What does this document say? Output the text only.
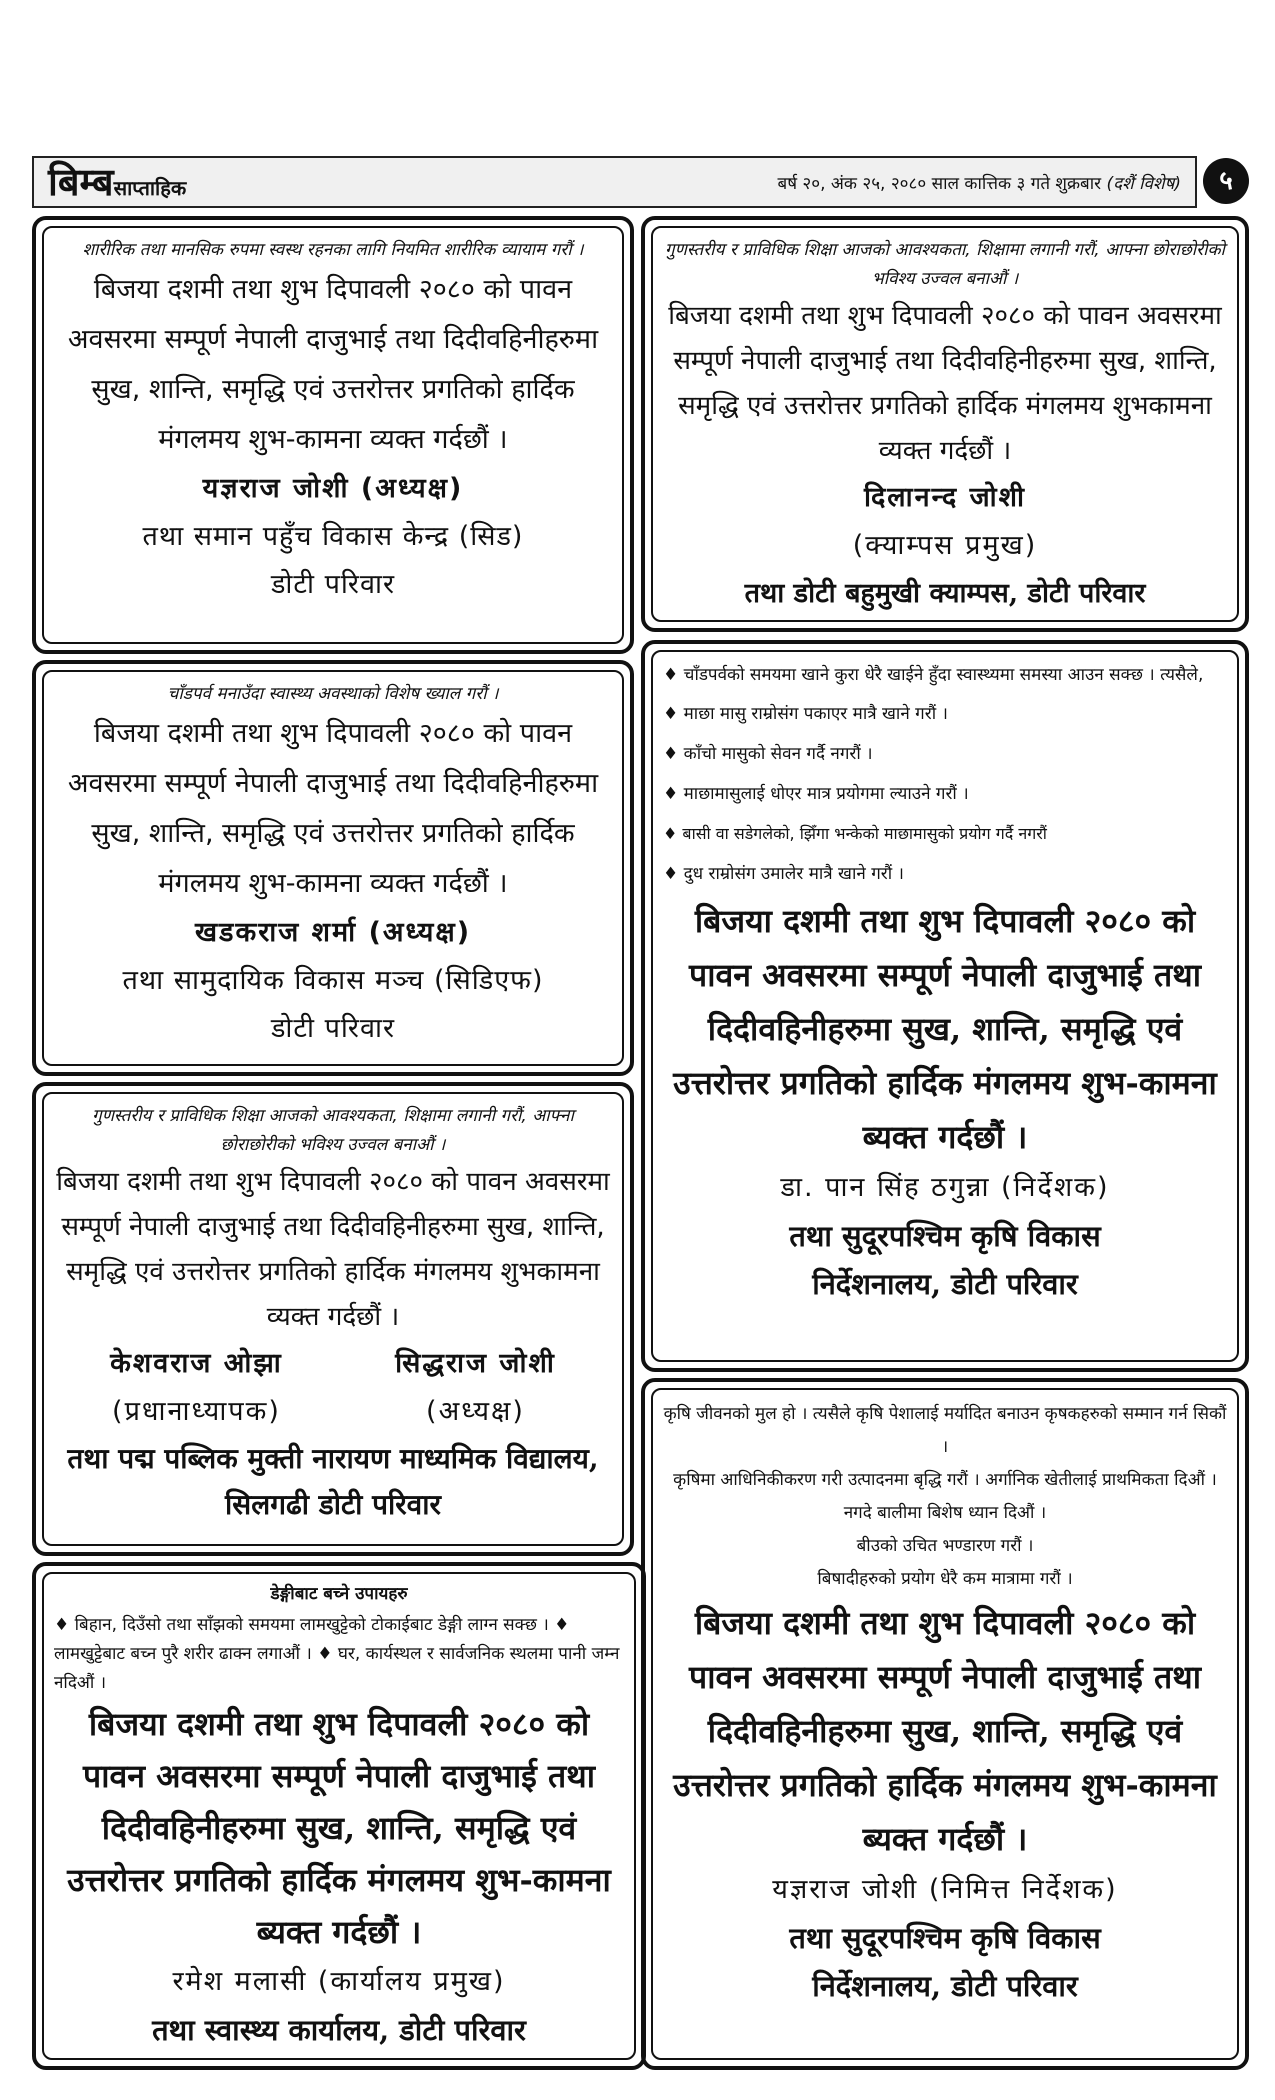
बिम्बसाप्ताहिक	बर्ष २०, अंक २५, २०८० साल कात्तिक ३ गते शुक्रबार (दशैं विशेष)	५
शारीरिक तथा मानसिक रुपमा स्वस्थ रहनका लागि नियमित शारीरिक व्यायाम गरौं ।
बिजया दशमी तथा शुभ दिपावली २०८० को पावन अवसरमा सम्पूर्ण नेपाली दाजुभाई तथा दिदीवहिनीहरुमा सुख, शान्ति, समृद्धि एवं उत्तरोत्तर प्रगतिको हार्दिक मंगलमय शुभ-कामना व्यक्त गर्दछौं ।
यज्ञराज जोशी (अध्यक्ष)
तथा समान पहुँच विकास केन्द्र (सिड)
डोटी परिवार
गुणस्तरीय र प्राविधिक शिक्षा आजको आवश्यकता, शिक्षामा लगानी गरौं, आफ्ना छोराछोरीको भविश्य उज्वल बनाऔं ।
बिजया दशमी तथा शुभ दिपावली २०८० को पावन अवसरमा सम्पूर्ण नेपाली दाजुभाई तथा दिदीवहिनीहरुमा सुख, शान्ति, समृद्धि एवं उत्तरोत्तर प्रगतिको हार्दिक मंगलमय शुभकामना व्यक्त गर्दछौं ।
दिलानन्द जोशी
(क्याम्पस प्रमुख)
तथा डोटी बहुमुखी क्याम्पस, डोटी परिवार
चाँडपर्व मनाउँदा स्वास्थ्य अवस्थाको विशेष ख्याल गरौं ।
बिजया दशमी तथा शुभ दिपावली २०८० को पावन अवसरमा सम्पूर्ण नेपाली दाजुभाई तथा दिदीवहिनीहरुमा सुख, शान्ति, समृद्धि एवं उत्तरोत्तर प्रगतिको हार्दिक मंगलमय शुभ-कामना व्यक्त गर्दछौं ।
खडकराज शर्मा (अध्यक्ष)
तथा सामुदायिक विकास मञ्च (सिडिएफ)
डोटी परिवार
♦ चाँडपर्वको समयमा खाने कुरा धेरै खाईने हुँदा स्वास्थ्यमा समस्या आउन सक्छ । त्यसैले,
♦ माछा मासु राम्रोसंग पकाएर मात्रै खाने गरौं ।
♦ काँचो मासुको सेवन गर्दै नगरौं ।
♦ माछामासुलाई धोएर मात्र प्रयोगमा ल्याउने गरौं ।
♦ बासी वा सडेगलेको, झिँगा भन्केको माछामासुको प्रयोग गर्दै नगरौं
♦ दुध राम्रोसंग उमालेर मात्रै खाने गरौं ।
बिजया दशमी तथा शुभ दिपावली २०८० को पावन अवसरमा सम्पूर्ण नेपाली दाजुभाई तथा दिदीवहिनीहरुमा सुख, शान्ति, समृद्धि एवं उत्तरोत्तर प्रगतिको हार्दिक मंगलमय शुभ-कामना ब्यक्त गर्दछौं ।
डा. पान सिंह ठगुन्ना (निर्देशक)
तथा सुदूरपश्चिम कृषि विकास
निर्देशनालय, डोटी परिवार
गुणस्तरीय र प्राविधिक शिक्षा आजको आवश्यकता, शिक्षामा लगानी गरौं, आफ्ना छोराछोरीको भविश्य उज्वल बनाऔं ।
बिजया दशमी तथा शुभ दिपावली २०८० को पावन अवसरमा सम्पूर्ण नेपाली दाजुभाई तथा दिदीवहिनीहरुमा सुख, शान्ति, समृद्धि एवं उत्तरोत्तर प्रगतिको हार्दिक मंगलमय शुभकामना व्यक्त गर्दछौं ।
केशवराज ओझा
(प्रधानाध्यापक)
सिद्धराज जोशी
(अध्यक्ष)
तथा पद्म पब्लिक मुक्ती नारायण माध्यमिक विद्यालय, सिलगढी डोटी परिवार
डेङ्गीबाट बच्ने उपायहरु
♦ बिहान, दिउँसो तथा साँझको समयमा लामखुट्टेको टोकाईबाट डेङ्गी लाग्न सक्छ । ♦ लामखुट्टेबाट बच्न पुरै शरीर ढाक्न लगाऔं । ♦ घर, कार्यस्थल र सार्वजनिक स्थलमा पानी जम्न नदिऔं ।
बिजया दशमी तथा शुभ दिपावली २०८० को पावन अवसरमा सम्पूर्ण नेपाली दाजुभाई तथा दिदीवहिनीहरुमा सुख, शान्ति, समृद्धि एवं उत्तरोत्तर प्रगतिको हार्दिक मंगलमय शुभ-कामना ब्यक्त गर्दछौं ।
रमेश मलासी (कार्यालय प्रमुख)
तथा स्वास्थ्य कार्यालय, डोटी परिवार
कृषि जीवनको मुल हो । त्यसैले कृषि पेशालाई मर्यादित बनाउन कृषकहरुको सम्मान गर्न सिकौं ।
कृषिमा आधिनिकीकरण गरी उत्पादनमा बृद्धि गरौं । अर्गानिक खेतीलाई प्राथमिकता दिऔं ।
नगदे बालीमा बिशेष ध्यान दिऔं ।
बीउको उचित भण्डारण गरौं ।
बिषादीहरुको प्रयोग धेरै कम मात्रामा गरौं ।
बिजया दशमी तथा शुभ दिपावली २०८० को पावन अवसरमा सम्पूर्ण नेपाली दाजुभाई तथा दिदीवहिनीहरुमा सुख, शान्ति, समृद्धि एवं उत्तरोत्तर प्रगतिको हार्दिक मंगलमय शुभ-कामना ब्यक्त गर्दछौं ।
यज्ञराज जोशी (निमित्त निर्देशक)
तथा सुदूरपश्चिम कृषि विकास
निर्देशनालय, डोटी परिवार
